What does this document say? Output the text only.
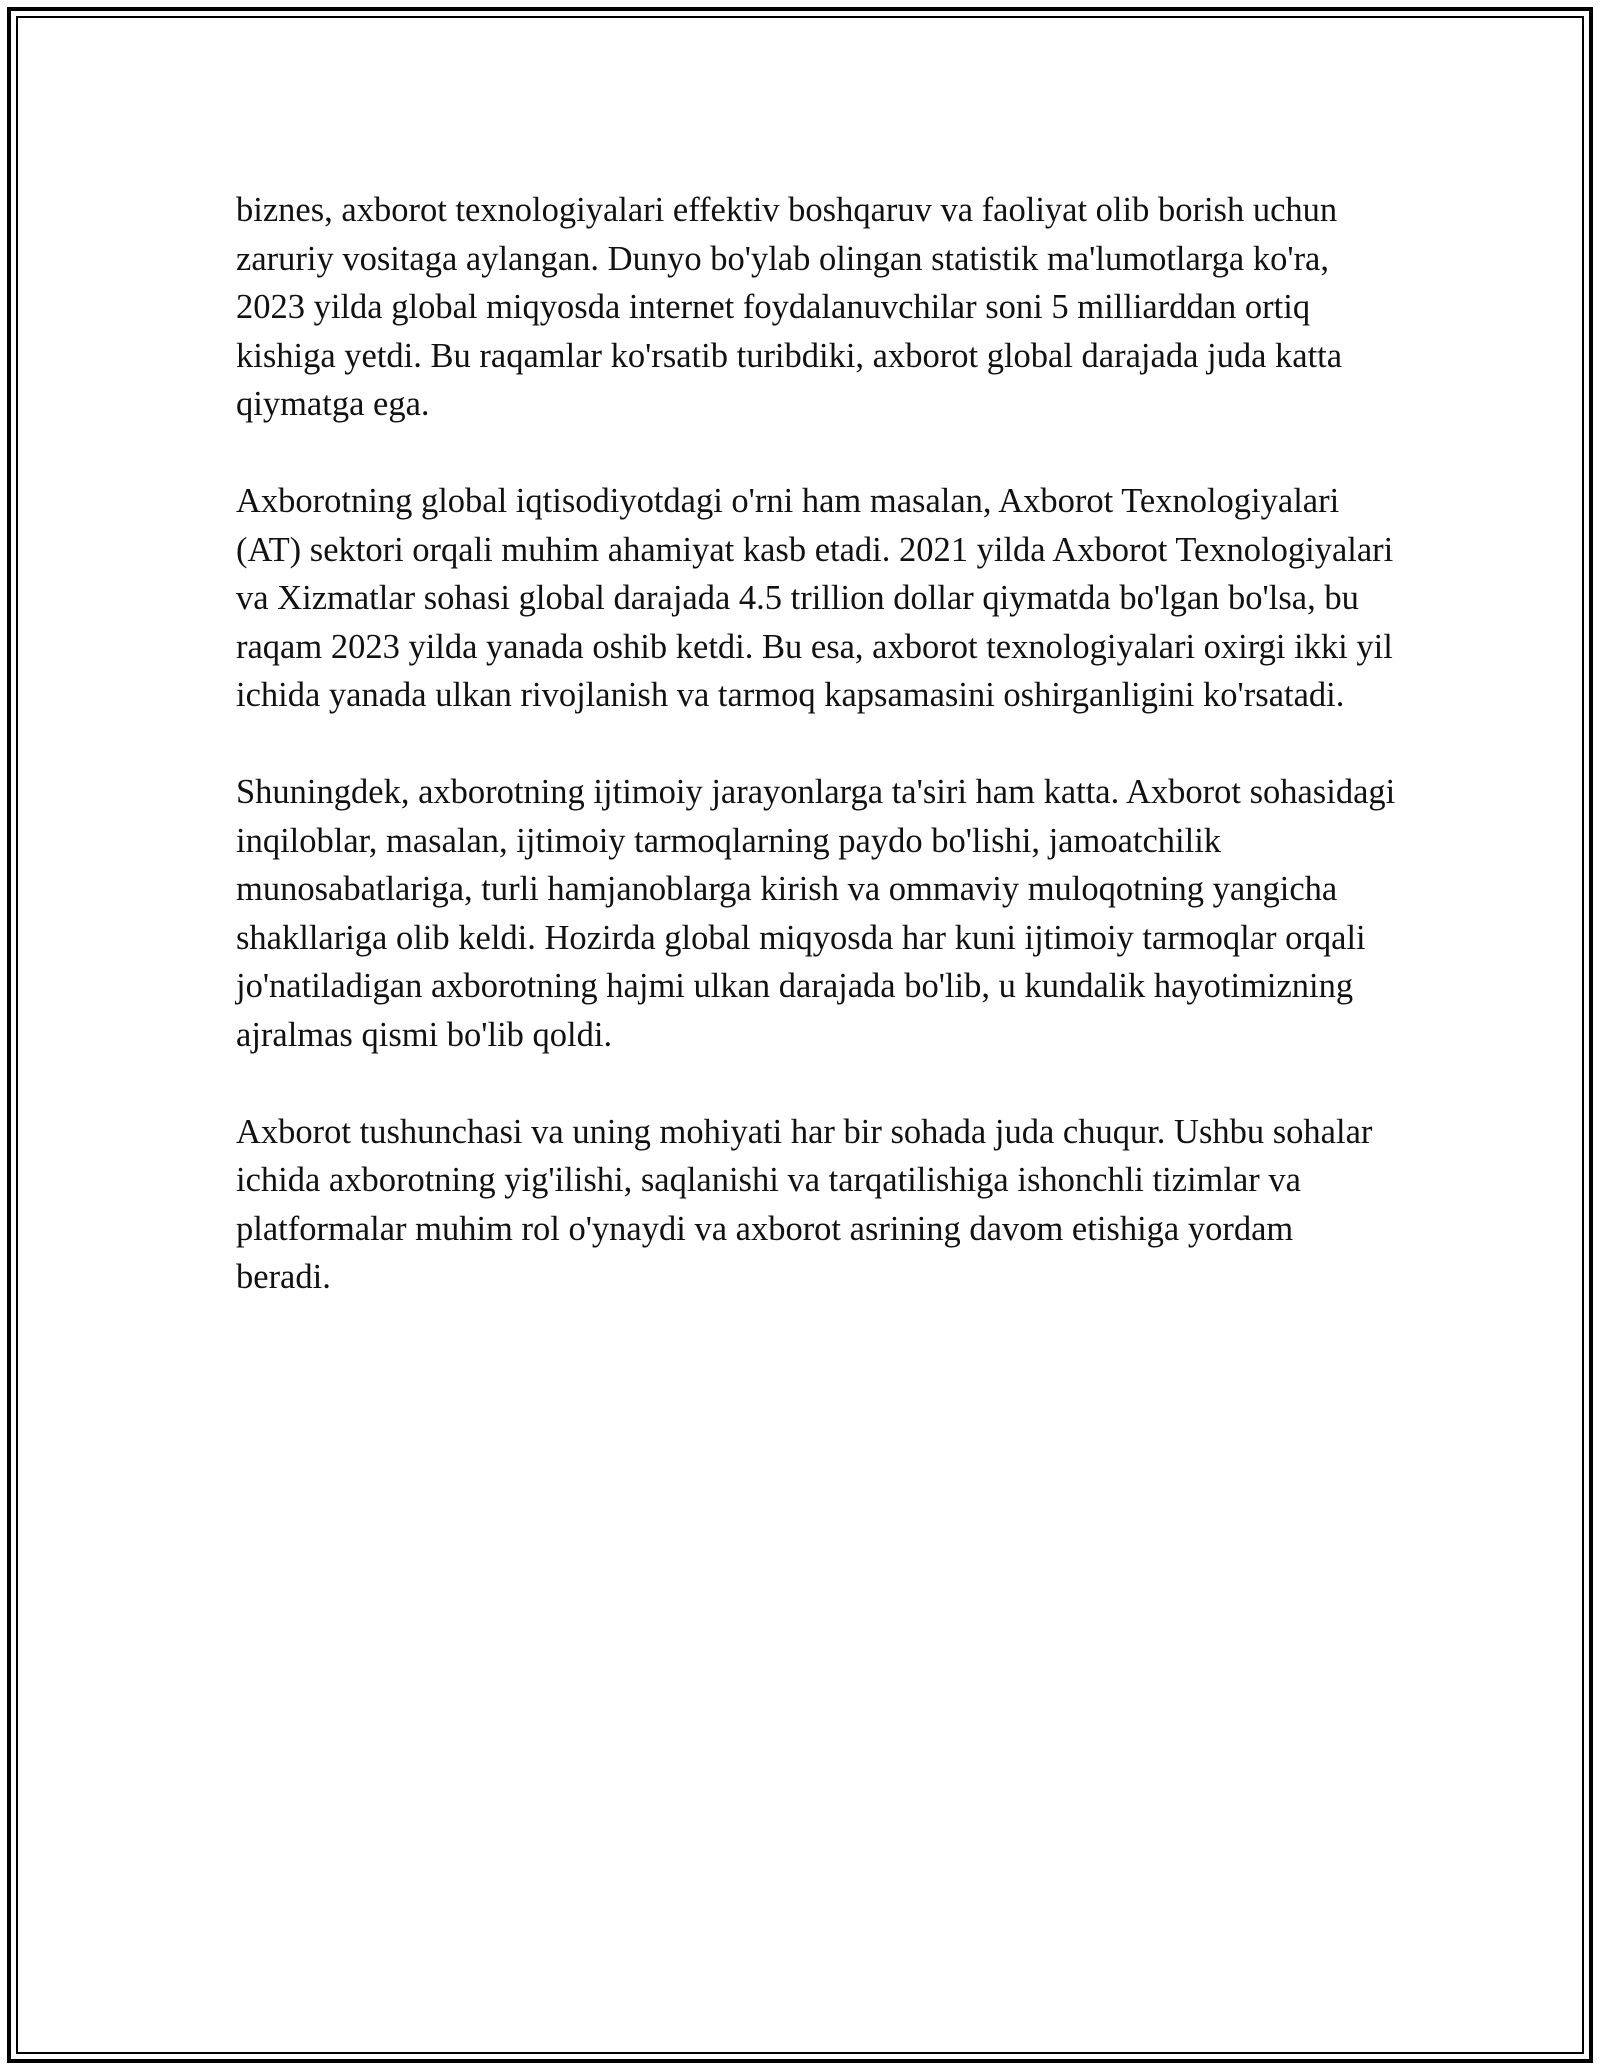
biznes, axborot texnologiyalari effektiv boshqaruv va faoliyat olib borish uchun zaruriy vositaga aylangan. Dunyo bo'ylab olingan statistik ma'lumotlarga ko'ra, 2023 yilda global miqyosda internet foydalanuvchilar soni 5 milliarddan ortiq kishiga yetdi. Bu raqamlar ko'rsatib turibdiki, axborot global darajada juda katta qiymatga ega.

Axborotning global iqtisodiyotdagi o'rni ham masalan, Axborot Texnologiyalari (AT) sektori orqali muhim ahamiyat kasb etadi. 2021 yilda Axborot Texnologiyalari va Xizmatlar sohasi global darajada 4.5 trillion dollar qiymatda bo'lgan bo'lsa, bu raqam 2023 yilda yanada oshib ketdi. Bu esa, axborot texnologiyalari oxirgi ikki yil ichida yanada ulkan rivojlanish va tarmoq kapsamasini oshirganligini ko'rsatadi.

Shuningdek, axborotning ijtimoiy jarayonlarga ta'siri ham katta. Axborot sohasidagi inqiloblar, masalan, ijtimoiy tarmoqlarning paydo bo'lishi, jamoatchilik munosabatlariga, turli hamjanoblarga kirish va ommaviy muloqotning yangicha shakllariga olib keldi. Hozirda global miqyosda har kuni ijtimoiy tarmoqlar orqali jo'natiladigan axborotning hajmi ulkan darajada bo'lib, u kundalik hayotimizning ajralmas qismi bo'lib qoldi.

Axborot tushunchasi va uning mohiyati har bir sohada juda chuqur. Ushbu sohalar ichida axborotning yig'ilishi, saqlanishi va tarqatilishiga ishonchli tizimlar va platformalar muhim rol o'ynaydi va axborot asrining davom etishiga yordam beradi.
